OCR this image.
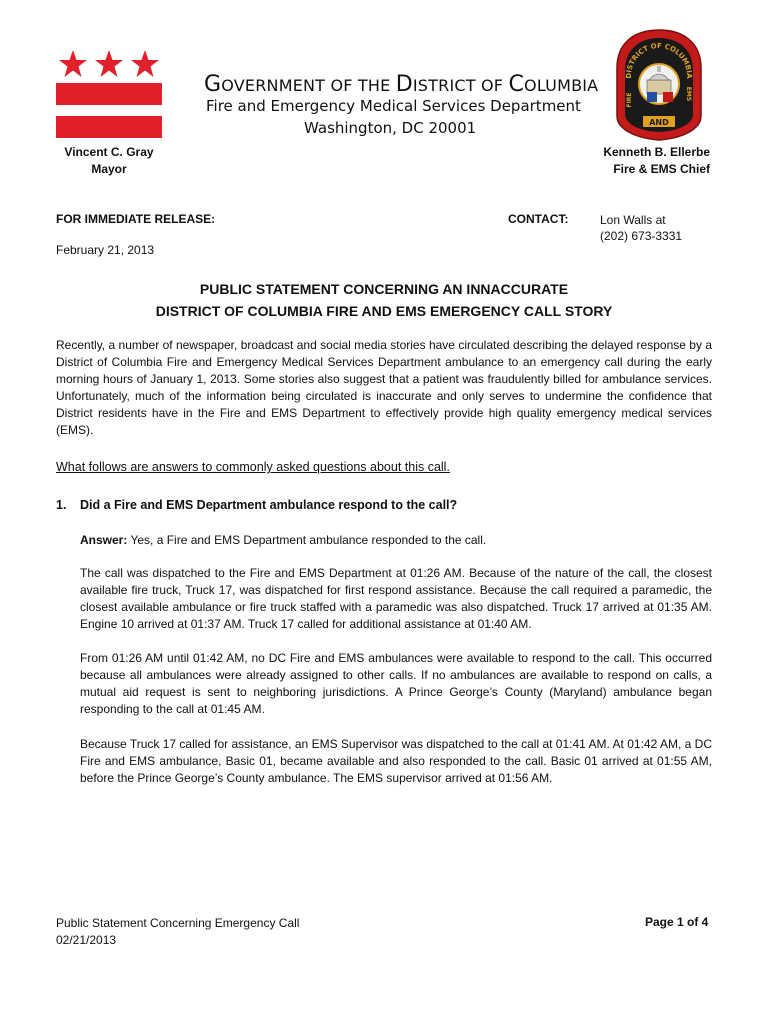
GOVERNMENT OF THE DISTRICT OF COLUMBIA
Fire and Emergency Medical Services Department
Washington, DC 20001
Vincent C. Gray
Mayor
Kenneth B. Ellerbe
Fire & EMS Chief
DISTRICT OF COLUMBIA
FIRE	EMS
AND
FOR IMMEDIATE RELEASE:	CONTACT:	Lon Walls at
(202) 673-3331
February 21, 2013
PUBLIC STATEMENT CONCERNING AN INNACCURATE
DISTRICT OF COLUMBIA FIRE AND EMS EMERGENCY CALL STORY
Recently, a number of newspaper, broadcast and social media stories have circulated describing the delayed response by a District of Columbia Fire and Emergency Medical Services Department ambulance to an emergency call during the early morning hours of January 1, 2013. Some stories also suggest that a patient was fraudulently billed for ambulance services. Unfortunately, much of the information being circulated is inaccurate and only serves to undermine the confidence that District residents have in the Fire and EMS Department to effectively provide high quality emergency medical services (EMS).
What follows are answers to commonly asked questions about this call.
1. Did a Fire and EMS Department ambulance respond to the call?
Answer: Yes, a Fire and EMS Department ambulance responded to the call.
The call was dispatched to the Fire and EMS Department at 01:26 AM. Because of the nature of the call, the closest available fire truck, Truck 17, was dispatched for first respond assistance. Because the call required a paramedic, the closest available ambulance or fire truck staffed with a paramedic was also dispatched. Truck 17 arrived at 01:35 AM. Engine 10 arrived at 01:37 AM. Truck 17 called for additional assistance at 01:40 AM.
From 01:26 AM until 01:42 AM, no DC Fire and EMS ambulances were available to respond to the call. This occurred because all ambulances were already assigned to other calls. If no ambulances are available to respond on calls, a mutual aid request is sent to neighboring jurisdictions. A Prince George’s County (Maryland) ambulance began responding to the call at 01:45 AM.
Because Truck 17 called for assistance, an EMS Supervisor was dispatched to the call at 01:41 AM. At 01:42 AM, a DC Fire and EMS ambulance, Basic 01, became available and also responded to the call. Basic 01 arrived at 01:55 AM, before the Prince George’s County ambulance. The EMS supervisor arrived at 01:56 AM.
Public Statement Concerning Emergency Call
02/21/2013
Page 1 of 4
